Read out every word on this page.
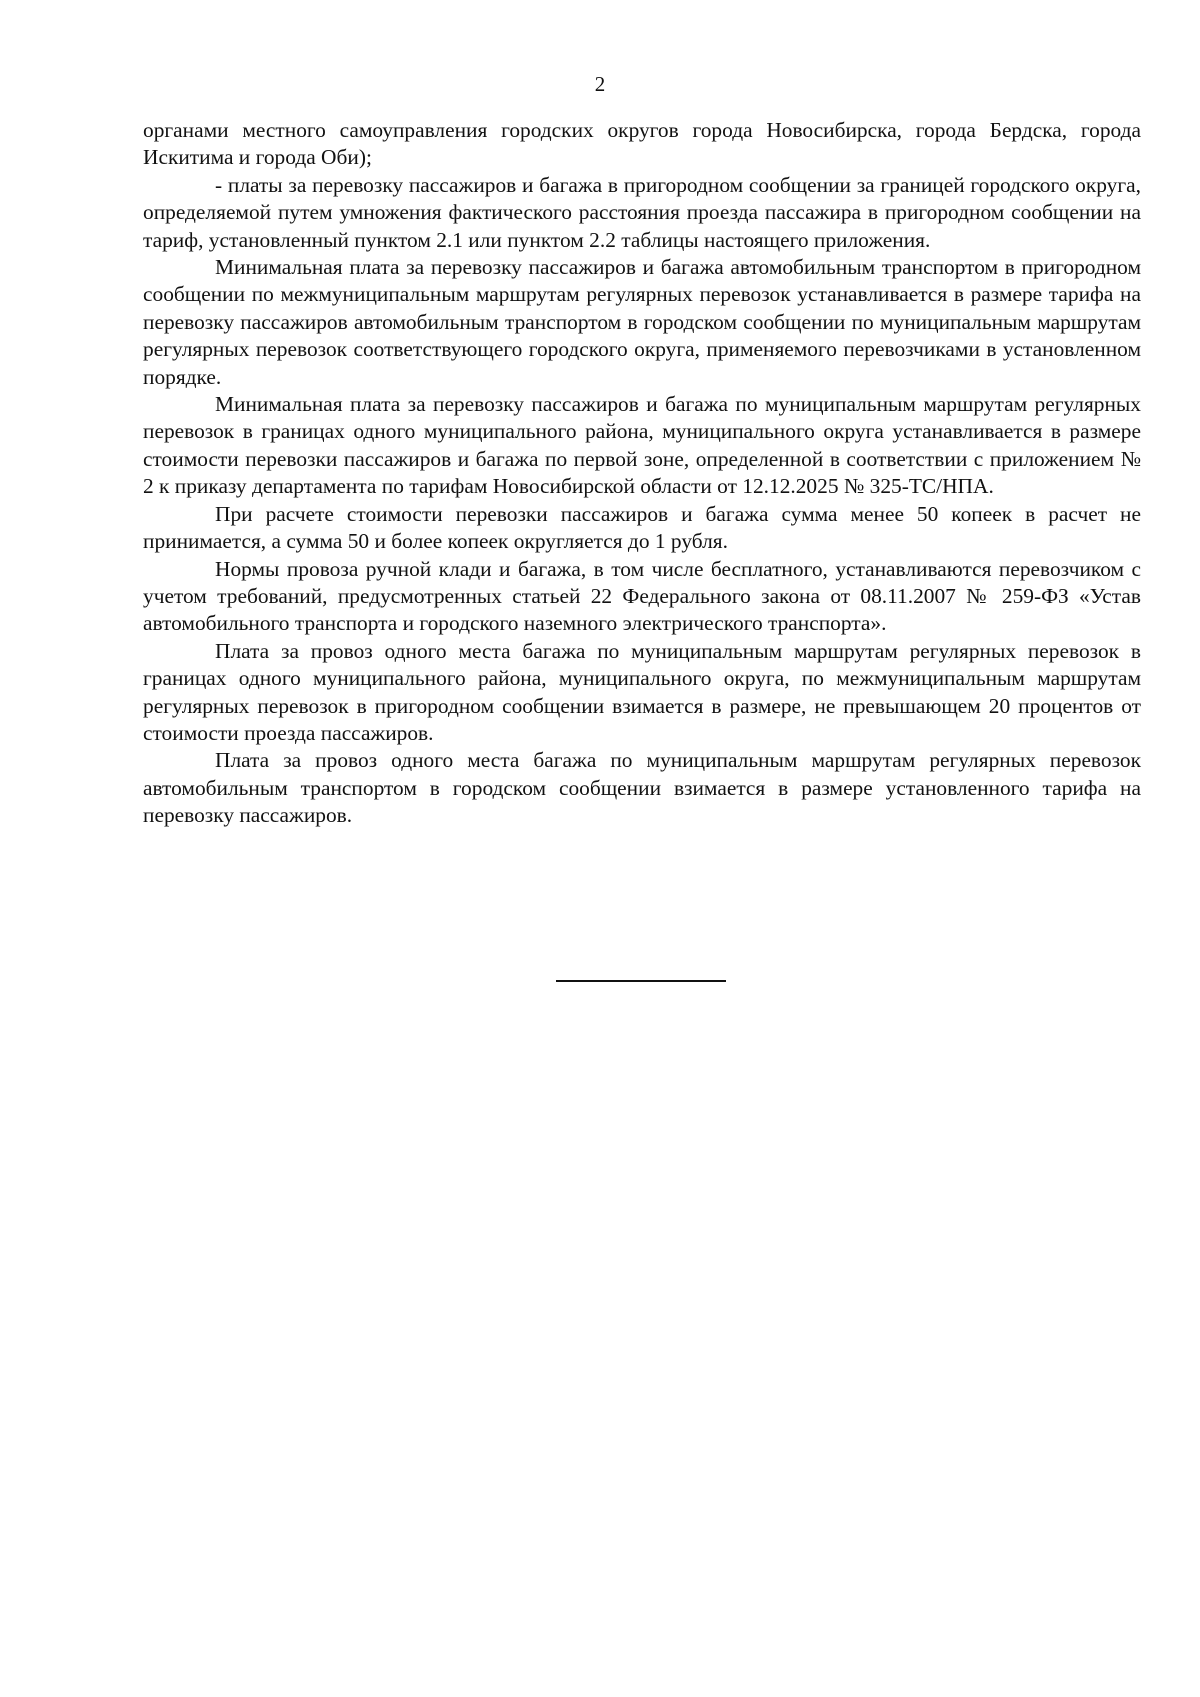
2

органами местного самоуправления городских округов города Новосибирска, города Бердска, города Искитима и города Оби);

- платы за перевозку пассажиров и багажа в пригородном сообщении за границей городского округа, определяемой путем умножения фактического расстояния проезда пассажира в пригородном сообщении на тариф, установленный пунктом 2.1 или пунктом 2.2 таблицы настоящего приложения.

Минимальная плата за перевозку пассажиров и багажа автомобильным транспортом в пригородном сообщении по межмуниципальным маршрутам регулярных перевозок устанавливается в размере тарифа на перевозку пассажиров автомобильным транспортом в городском сообщении по муниципальным маршрутам регулярных перевозок соответствующего городского округа, применяемого перевозчиками в установленном порядке.

Минимальная плата за перевозку пассажиров и багажа по муниципальным маршрутам регулярных перевозок в границах одного муниципального района, муниципального округа устанавливается в размере стоимости перевозки пассажиров и багажа по первой зоне, определенной в соответствии с приложением № 2 к приказу департамента по тарифам Новосибирской области от 12.12.2025 № 325-ТС/НПА.

При расчете стоимости перевозки пассажиров и багажа сумма менее 50 копеек в расчет не принимается, а сумма 50 и более копеек округляется до 1 рубля.

Нормы провоза ручной клади и багажа, в том числе бесплатного, устанавливаются перевозчиком с учетом требований, предусмотренных статьей 22 Федерального закона от 08.11.2007 № 259-ФЗ «Устав автомобильного транспорта и городского наземного электрического транспорта».

Плата за провоз одного места багажа по муниципальным маршрутам регулярных перевозок в границах одного муниципального района, муниципального округа, по межмуниципальным маршрутам регулярных перевозок в пригородном сообщении взимается в размере, не превышающем 20 процентов от стоимости проезда пассажиров.

Плата за провоз одного места багажа по муниципальным маршрутам регулярных перевозок автомобильным транспортом в городском сообщении взимается в размере установленного тарифа на перевозку пассажиров.
